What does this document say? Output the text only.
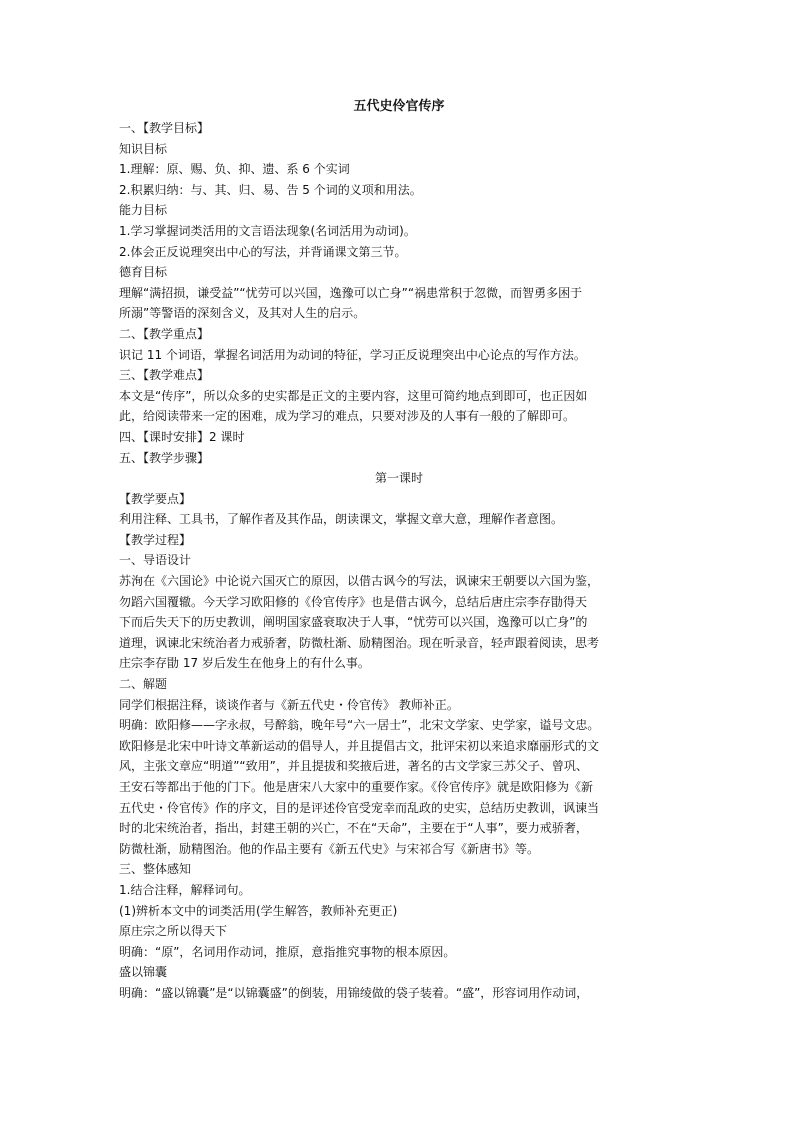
五代史伶官传序
一、【教学目标】
知识目标
1.理解：原、赐、负、抑、遗、系 6 个实词
2.积累归纳：与、其、归、易、告 5 个词的义项和用法。
能力目标
1.学习掌握词类活用的文言语法现象(名词活用为动词)。
2.体会正反说理突出中心的写法，并背诵课文第三节。
德育目标
理解“满招损，谦受益”“忧劳可以兴国，逸豫可以亡身”“祸患常积于忽微，而智勇多困于
所溺”等警语的深刻含义，及其对人生的启示。
二、【教学重点】
识记 11 个词语，掌握名词活用为动词的特征，学习正反说理突出中心论点的写作方法。
三、【教学难点】
本文是“传序”，所以众多的史实都是正文的主要内容，这里可简约地点到即可，也正因如
此，给阅读带来一定的困难，成为学习的难点，只要对涉及的人事有一般的了解即可。
四、【课时安排】2 课时
五、【教学步骤】
第一课时
【教学要点】
利用注释、工具书，了解作者及其作品，朗读课文，掌握文章大意，理解作者意图。
【教学过程】
一、导语设计
苏洵在《六国论》中论说六国灭亡的原因，以借古讽今的写法，讽谏宋王朝要以六国为鉴，
勿蹈六国覆辙。今天学习欧阳修的《伶官传序》也是借古讽今，总结后唐庄宗李存勖得天
下而后失天下的历史教训，阐明国家盛衰取决于人事，“忧劳可以兴国，逸豫可以亡身”的
道理，讽谏北宋统治者力戒骄奢，防微杜渐、励精图治。现在听录音，轻声跟着阅读，思考
庄宗李存勖 17 岁后发生在他身上的有什么事。
二、解题
同学们根据注释，谈谈作者与《新五代史・伶官传》 教师补正。
明确：欧阳修——字永叔，号醉翁，晚年号“六一居士”，北宋文学家、史学家，谥号文忠。
欧阳修是北宋中叶诗文革新运动的倡导人，并且提倡古文，批评宋初以来追求靡丽形式的文
风，主张文章应“明道”“致用”，并且提拔和奖掖后进，著名的古文学家三苏父子、曾巩、
王安石等都出于他的门下。他是唐宋八大家中的重要作家。《伶官传序》就是欧阳修为《新
五代史・伶官传》作的序文，目的是评述伶官受宠幸而乱政的史实，总结历史教训，讽谏当
时的北宋统治者，指出，封建王朝的兴亡，不在“天命”，主要在于“人事”，要力戒骄奢，
防微杜渐，励精图治。他的作品主要有《新五代史》与宋祁合写《新唐书》等。
三、整体感知
1.结合注释，解释词句。
(1)辨析本文中的词类活用(学生解答，教师补充更正)
原庄宗之所以得天下
明确：“原”，名词用作动词，推原，意指推究事物的根本原因。
盛以锦囊
明确：“盛以锦囊”是“以锦囊盛”的倒装，用锦绫做的袋子装着。“盛”，形容词用作动词，
